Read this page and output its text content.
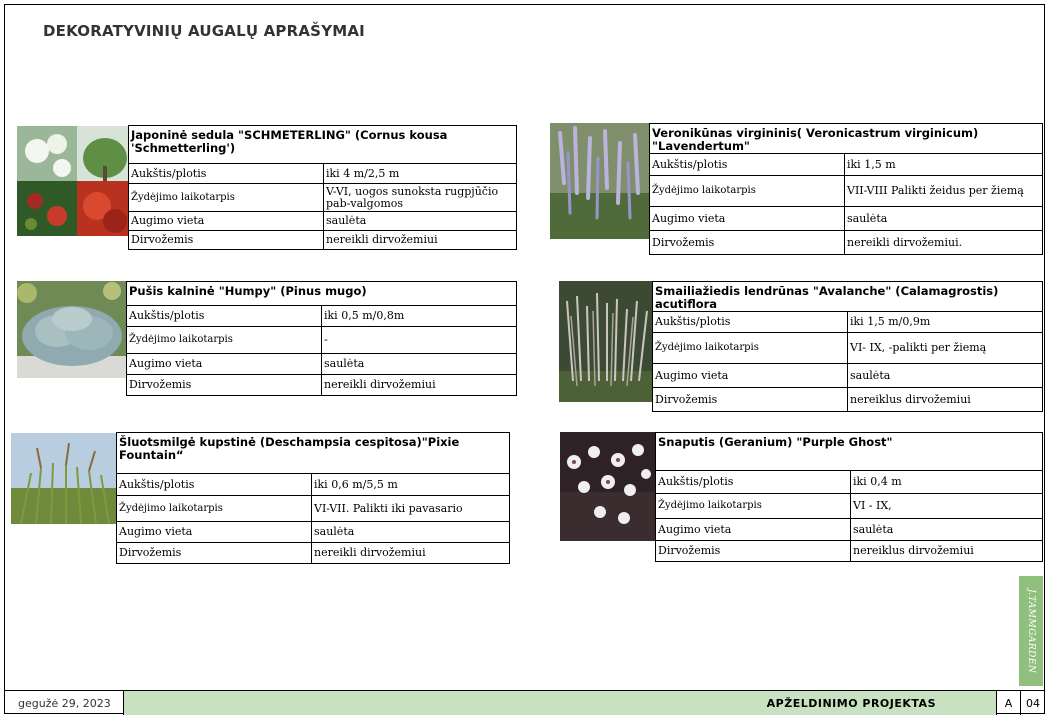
DEKORATYVINIŲ AUGALŲ APRAŠYMAI
Japoninė sedula "SCHMETERLING" (Cornus kousa 'Schmetterling')	
Aukštis/plotis	iki 4 m/2,5 m
Žydėjimo laikotarpis	V-VI, uogos sunoksta rugpjūčio pab-valgomos
Augimo vieta	saulėta
Dirvožemis	nereikli dirvožemiui
Veronikūnas virgininis( Veronicastrum virginicum) "Lavendertum"	
Aukštis/plotis	iki 1,5 m
Žydėjimo laikotarpis	VII-VIII Palikti žeidus per žiemą
Augimo vieta	saulėta
Dirvožemis	nereikli dirvožemiui.
Pušis kalninė "Humpy" (Pinus mugo)	
Aukštis/plotis	iki 0,5 m/0,8m
Žydėjimo laikotarpis	-
Augimo vieta	saulėta
Dirvožemis	nereikli dirvožemiui
Smailiažiedis lendrūnas "Avalanche" (Calamagrostis) acutiflora	
Aukštis/plotis	iki 1,5 m/0,9m
Žydėjimo laikotarpis	VI- IX, -palikti per žiemą
Augimo vieta	saulėta
Dirvožemis	nereiklus dirvožemiui
Šluotsmilgė kupstinė (Deschampsia cespitosa)"Pixie Fountain“	
Aukštis/plotis	iki 0,6 m/5,5 m
Žydėjimo laikotarpis	VI-VII. Palikti iki pavasario
Augimo vieta	saulėta
Dirvožemis	nereikli dirvožemiui
Snaputis (Geranium) "Purple Ghost"	
Aukštis/plotis	iki 0,4 m
Žydėjimo laikotarpis	VI - IX,
Augimo vieta	saulėta
Dirvožemis	nereiklus dirvožemiui
J.TAMMGARDEN
gegužė 29, 2023	APŽELDINIMO PROJEKTAS	A	04
